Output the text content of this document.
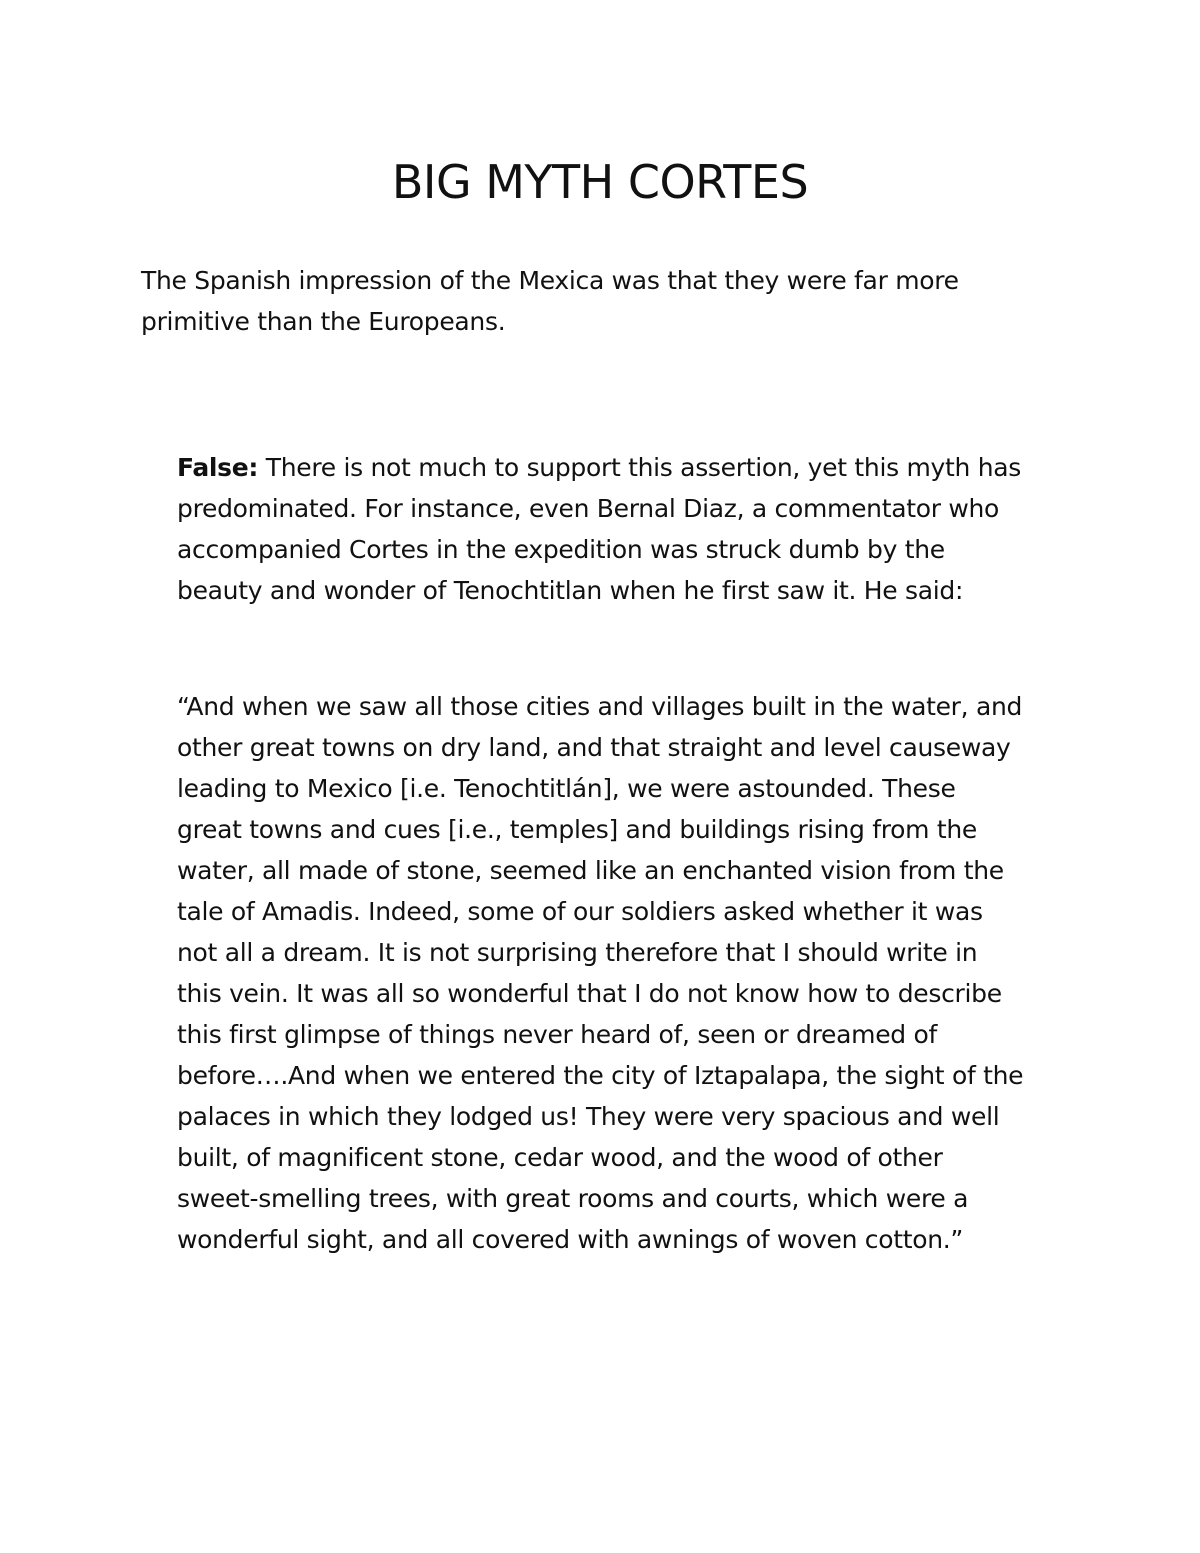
BIG MYTH CORTES

The Spanish impression of the Mexica was that they were far more
primitive than the Europeans.

False: There is not much to support this assertion, yet this myth has
predominated. For instance, even Bernal Diaz, a commentator who
accompanied Cortes in the expedition was struck dumb by the
beauty and wonder of Tenochtitlan when he first saw it. He said:

“And when we saw all those cities and villages built in the water, and
other great towns on dry land, and that straight and level causeway
leading to Mexico [i.e. Tenochtitlán], we were astounded. These
great towns and cues [i.e., temples] and buildings rising from the
water, all made of stone, seemed like an enchanted vision from the
tale of Amadis. Indeed, some of our soldiers asked whether it was
not all a dream. It is not surprising therefore that I should write in
this vein. It was all so wonderful that I do not know how to describe
this first glimpse of things never heard of, seen or dreamed of
before….And when we entered the city of Iztapalapa, the sight of the
palaces in which they lodged us! They were very spacious and well
built, of magnificent stone, cedar wood, and the wood of other
sweet-smelling trees, with great rooms and courts, which were a
wonderful sight, and all covered with awnings of woven cotton.”
